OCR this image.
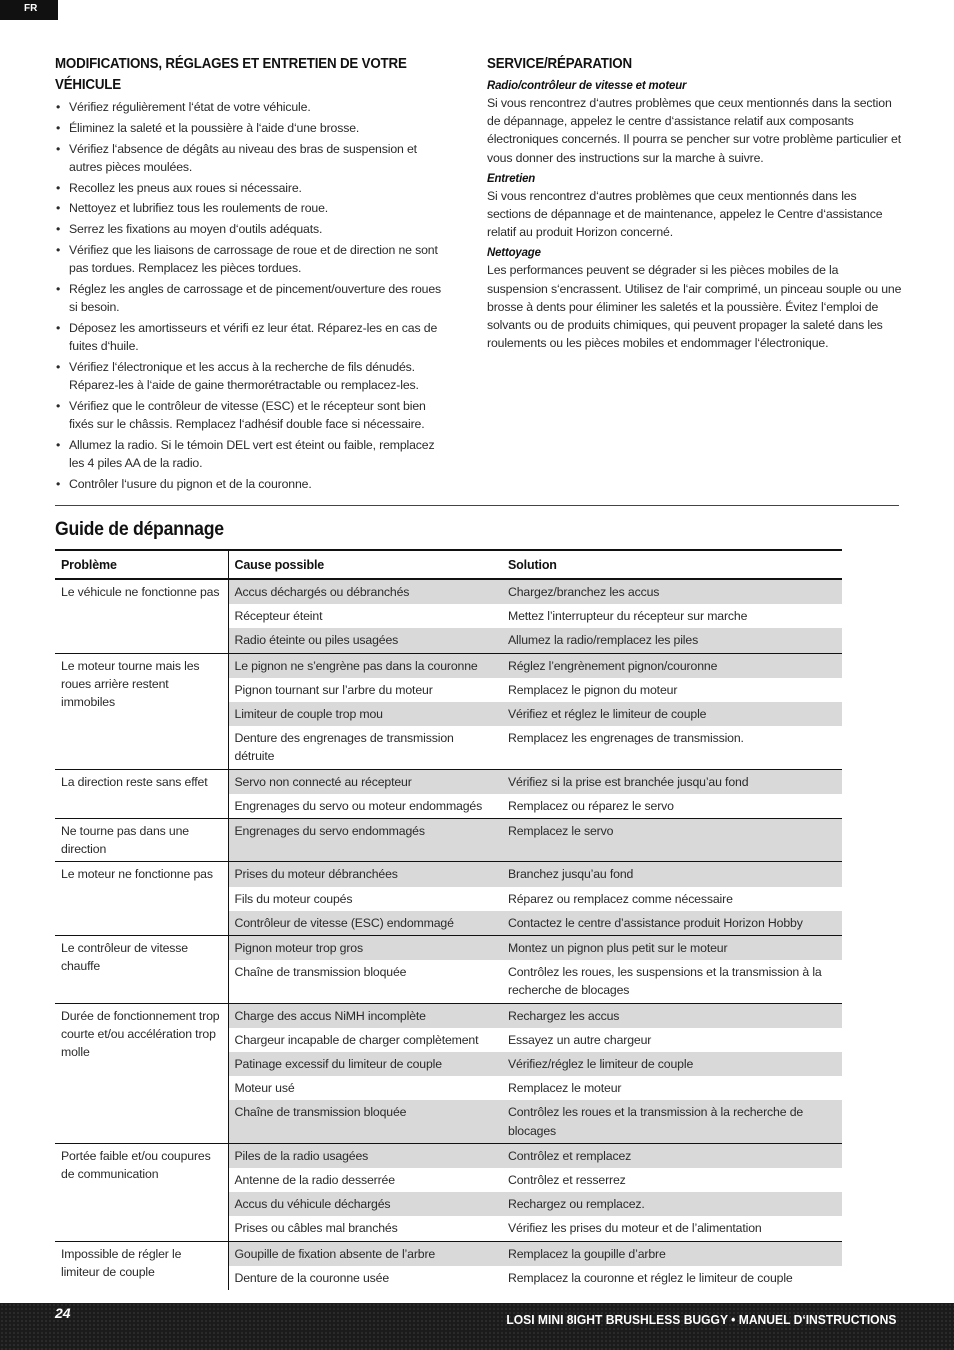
FR
MODIFICATIONS, RÉGLAGES ET ENTRETIEN DE VOTRE VÉHICULE
• Vérifiez régulièrement l‘état de votre véhicule.
• Éliminez la saleté et la poussière à l‘aide d‘une brosse.
• Vérifiez l‘absence de dégâts au niveau des bras de suspension et autres pièces moulées.
• Recollez les pneus aux roues si nécessaire.
• Nettoyez et lubrifiez tous les roulements de roue.
• Serrez les fixations au moyen d‘outils adéquats.
• Vérifiez que les liaisons de carrossage de roue et de direction ne sont pas tordues. Remplacez les pièces tordues.
• Réglez les angles de carrossage et de pincement/ouverture des roues si besoin.
• Déposez les amortisseurs et vérifi ez leur état. Réparez-les en cas de fuites d‘huile.
• Vérifiez l‘électronique et les accus à la recherche de fils dénudés. Réparez-les à l‘aide de gaine thermorétractable ou remplacez-les.
• Vérifiez que le contrôleur de vitesse (ESC) et le récepteur sont bien fixés sur le châssis. Remplacez l‘adhésif double face si nécessaire.
• Allumez la radio. Si le témoin DEL vert est éteint ou faible, remplacez les 4 piles AA de la radio.
• Contrôler l‘usure du pignon et de la couronne.
SERVICE/RÉPARATION
Radio/contrôleur de vitesse et moteur

Si vous rencontrez d‘autres problèmes que ceux mentionnés dans la section de dépannage, appelez le centre d‘assistance relatif aux composants électroniques concernés. Il pourra se pencher sur votre problème particulier et vous donner des instructions sur la marche à suivre.

Entretien

Si vous rencontrez d‘autres problèmes que ceux mentionnés dans les sections de dépannage et de maintenance, appelez le Centre d‘assistance relatif au produit Horizon concerné.

Nettoyage

Les performances peuvent se dégrader si les pièces mobiles de la suspension s‘encrassent. Utilisez de l‘air comprimé, un pinceau souple ou une brosse à dents pour éliminer les saletés et la poussière. Évitez l‘emploi de solvants ou de produits chimiques, qui peuvent propager la saleté dans les roulements ou les pièces mobiles et endommager l‘électronique.

Guide de dépannage
Problème	Cause possible	Solution
Le véhicule ne fonctionne pas	Accus déchargés ou débranchés	Chargez/branchez les accus
	Récepteur éteint	Mettez l’interrupteur du récepteur sur marche
	Radio éteinte ou piles usagées	Allumez la radio/remplacez les piles
Le moteur tourne mais les roues arrière restent immobiles	Le pignon ne s’engrène pas dans la couronne	Réglez l’engrènement pignon/couronne
	Pignon tournant sur l’arbre du moteur	Remplacez le pignon du moteur
	Limiteur de couple trop mou	Vérifiez et réglez le limiteur de couple
	Denture des engrenages de transmission détruite	Remplacez les engrenages de transmission.
La direction reste sans effet	Servo non connecté au récepteur	Vérifiez si la prise est branchée jusqu’au fond
	Engrenages du servo ou moteur endommagés	Remplacez ou réparez le servo
Ne tourne pas dans une direction	Engrenages du servo endommagés	Remplacez le servo
Le moteur ne fonctionne pas	Prises du moteur débranchées	Branchez jusqu’au fond
	Fils du moteur coupés	Réparez ou remplacez comme nécessaire
	Contrôleur de vitesse (ESC) endommagé	Contactez le centre d’assistance produit Horizon Hobby
Le contrôleur de vitesse chauffe	Pignon moteur trop gros	Montez un pignon plus petit sur le moteur
	Chaîne de transmission bloquée	Contrôlez les roues, les suspensions et la transmission à la recherche de blocages
Durée de fonctionnement trop courte et/ou accélération trop molle	Charge des accus NiMH incomplète	Rechargez les accus
	Chargeur incapable de charger complètement	Essayez un autre chargeur
	Patinage excessif du limiteur de couple	Vérifiez/réglez le limiteur de couple
	Moteur usé	Remplacez le moteur
	Chaîne de transmission bloquée	Contrôlez les roues et la transmission à la recherche de blocages
Portée faible et/ou coupures de communication	Piles de la radio usagées	Contrôlez et remplacez
	Antenne de la radio desserrée	Contrôlez et resserrez
	Accus du véhicule déchargés	Rechargez ou remplacez.
	Prises ou câbles mal branchés	Vérifiez les prises du moteur et de l’alimentation
Impossible de régler le limiteur de couple	Goupille de fixation absente de l’arbre	Remplacez la goupille d’arbre
	Denture de la couronne usée	Remplacez la couronne et réglez le limiteur de couple
24	LOSI MINI 8IGHT BRUSHLESS BUGGY • MANUEL D‘INSTRUCTIONS
